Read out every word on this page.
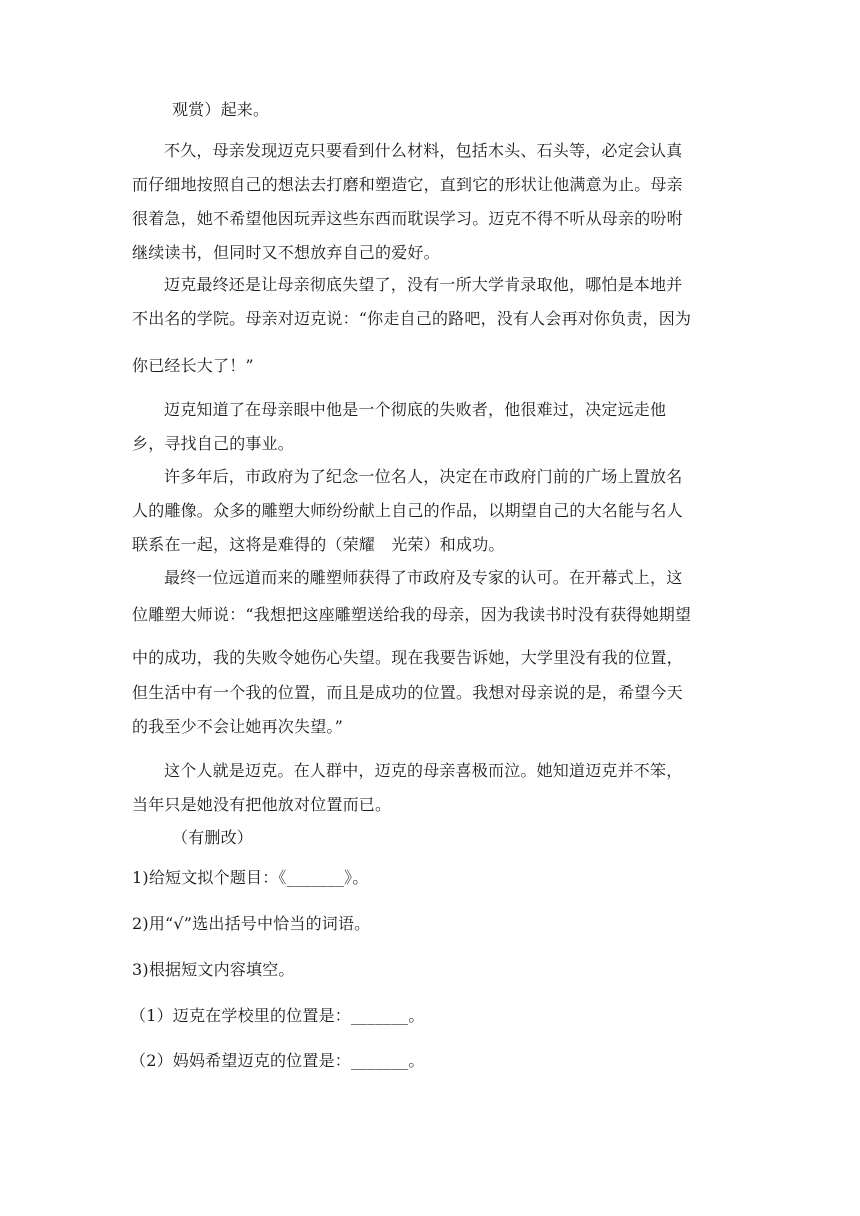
观赏）起来。
不久，母亲发现迈克只要看到什么材料，包括木头、石头等，必定会认真
而仔细地按照自己的想法去打磨和塑造它，直到它的形状让他满意为止。母亲
很着急，她不希望他因玩弄这些东西而耽误学习。迈克不得不听从母亲的吩咐
继续读书，但同时又不想放弃自己的爱好。
迈克最终还是让母亲彻底失望了，没有一所大学肯录取他，哪怕是本地并
不出名的学院。母亲对迈克说：“你走自己的路吧，没有人会再对你负责，因为
你已经长大了！”
迈克知道了在母亲眼中他是一个彻底的失败者，他很难过，决定远走他
乡，寻找自己的事业。
许多年后，市政府为了纪念一位名人，决定在市政府门前的广场上置放名
人的雕像。众多的雕塑大师纷纷献上自己的作品，以期望自己的大名能与名人
联系在一起，这将是难得的（荣耀　光荣）和成功。
最终一位远道而来的雕塑师获得了市政府及专家的认可。在开幕式上，这
位雕塑大师说：“我想把这座雕塑送给我的母亲，因为我读书时没有获得她期望
中的成功，我的失败令她伤心失望。现在我要告诉她，大学里没有我的位置，
但生活中有一个我的位置，而且是成功的位置。我想对母亲说的是，希望今天
的我至少不会让她再次失望。”
这个人就是迈克。在人群中，迈克的母亲喜极而泣。她知道迈克并不笨，
当年只是她没有把他放对位置而已。
（有删改）
1)给短文拟个题目：《_______》。
2)用“√”选出括号中恰当的词语。
3)根据短文内容填空。
（1）迈克在学校里的位置是：_______。
（2）妈妈希望迈克的位置是：_______。
